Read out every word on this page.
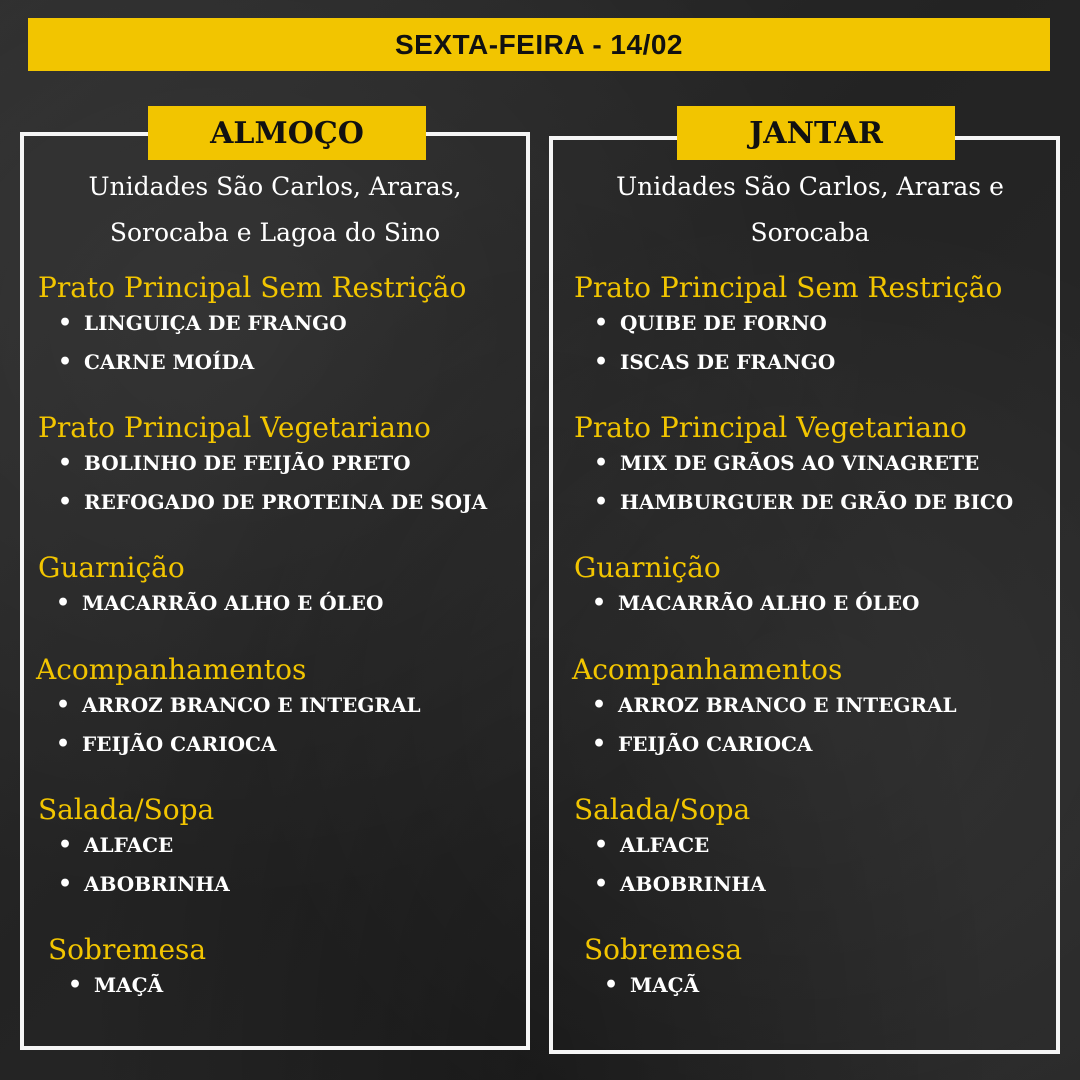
SEXTA-FEIRA - 14/02
ALMOÇO	JANTAR
Unidades São Carlos, Araras,
Sorocaba e Lagoa do Sino
Prato Principal Sem Restrição
• LINGUIÇA DE FRANGO
• CARNE MOÍDA
Prato Principal Vegetariano
• BOLINHO DE FEIJÃO PRETO
• REFOGADO DE PROTEINA DE SOJA
Guarnição
• MACARRÃO ALHO E ÓLEO
Acompanhamentos
• ARROZ BRANCO E INTEGRAL
• FEIJÃO CARIOCA
Salada/Sopa
• ALFACE
• ABOBRINHA
Sobremesa
• MAÇÃ
Unidades São Carlos, Araras e
Sorocaba
Prato Principal Sem Restrição
• QUIBE DE FORNO
• ISCAS DE FRANGO
Prato Principal Vegetariano
• MIX DE GRÃOS AO VINAGRETE
• HAMBURGUER DE GRÃO DE BICO
Guarnição
• MACARRÃO ALHO E ÓLEO
Acompanhamentos
• ARROZ BRANCO E INTEGRAL
• FEIJÃO CARIOCA
Salada/Sopa
• ALFACE
• ABOBRINHA
Sobremesa
• MAÇÃ
